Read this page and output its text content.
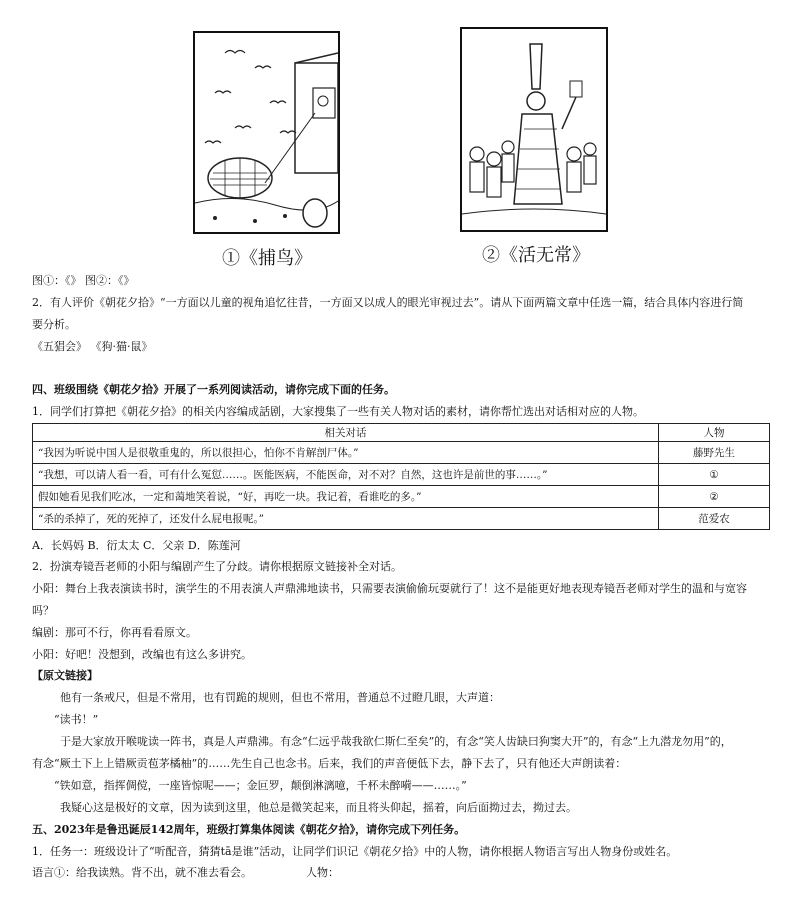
①《捕鸟》	②《活无常》
图①：《》 图②：《》
2．有人评价《朝花夕拾》“一方面以儿童的视角追忆往昔，一方面又以成人的眼光审视过去”。请从下面两篇文章中任选一篇，结合具体内容进行简
要分析。
《五猖会》 《狗·猫·鼠》
四、班级围绕《朝花夕拾》开展了一系列阅读活动，请你完成下面的任务。
1．同学们打算把《朝花夕拾》的相关内容编成話剧，大家搜集了一些有关人物对话的素材，请你帮忙选出对话相对应的人物。
相关对话	人物
“我因为听说中国人是很敬重鬼的，所以很担心，怕你不肯解剖尸体。”	藤野先生
“我想，可以请人看一看，可有什么冤愆……。医能医病，不能医命，对不对？自然，这也许是前世的事……。”	①
假如她看见我们吃冰，一定和蔼地笑着说，“好，再吃一块。我记着，看谁吃的多。”	②
“杀的杀掉了，死的死掉了，还发什么屁电报呢。”	范爱农
A．长妈妈 B．衍太太 C．父亲 D．陈莲河
2．扮演寿镜吾老师的小阳与编剧产生了分歧。请你根据原文链接补全对话。
小阳：舞台上我表演读书时，演学生的不用表演人声鼎沸地读书，只需要表演偷偷玩耍就行了！这不是能更好地表现寿镜吾老师对学生的温和与宽容
吗？
编剧：那可不行，你再看看原文。
小阳：好吧！没想到，改编也有这么多讲究。
【原文链接】
他有一条戒尺，但是不常用，也有罚跪的规则，但也不常用，普通总不过瞪几眼，大声道：
“读书！”
于是大家放开喉咙读一阵书，真是人声鼎沸。有念“仁远乎哉我欲仁斯仁至矣”的，有念“笑人齿缺曰狗窦大开”的，有念“上九潜龙勿用”的，
有念“厥土下上上错厥贡苞茅橘柚”的……先生自己也念书。后来，我们的声音便低下去，静下去了，只有他还大声朗读着：
“铁如意，指挥倜傥，一座皆惊呢——；金叵罗，颠倒淋漓噫，千杯未醉嗬——……。”
我疑心这是极好的文章，因为读到这里，他总是微笑起来，而且将头仰起，摇着，向后面拗过去，拗过去。
五、2023年是鲁迅诞辰142周年，班级打算集体阅读《朝花夕拾》，请你完成下列任务。
1．任务一：班级设计了“听配音，猜猜tā是谁”活动，让同学们识记《朝花夕拾》中的人物，请你根据人物语言写出人物身份或姓名。
语言①：给我读熟。背不出，就不准去看会。	人物：
